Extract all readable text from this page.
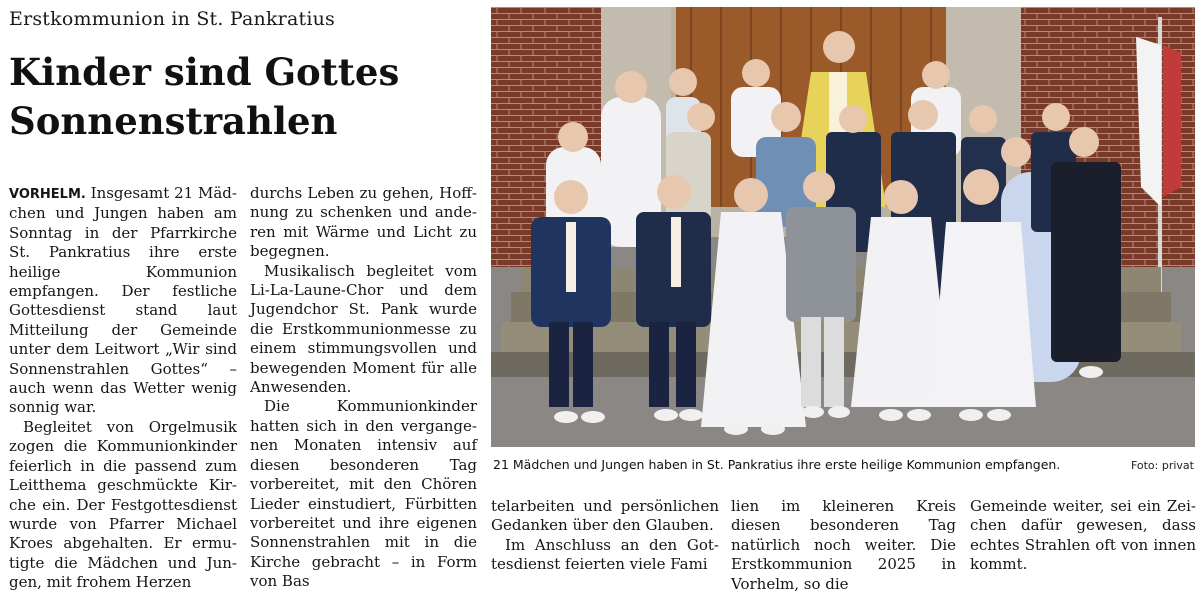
Erstkommunion in St. Pankratius
Kinder sind Gottes
Sonnenstrahlen

VORHELM. Insgesamt 21 Mädchen und Jungen haben am Sonntag in der Pfarrkirche St. Pankratius ihre erste heilige Kommunion empfangen. Der festliche Gottesdienst stand laut Mitteilung der Gemeinde unter dem Leitwort „Wir sind Sonnenstrahlen Gottes“ – auch wenn das Wetter wenig sonnig war.

Begleitet von Orgelmusik zogen die Kommunionkinder feierlich in die passend zum Leitthema geschmückte Kirche ein. Der Festgottesdienst wurde von Pfarrer Michael Kroes abgehalten. Er ermutigte die Mädchen und Jungen, mit frohem Herzen

durchs Leben zu gehen, Hoffnung zu schenken und anderen mit Wärme und Licht zu begegnen.

Musikalisch begleitet vom Li-La-Laune-Chor und dem Jugendchor St. Pank wurde die Erstkommunionmesse zu einem stimmungsvollen und bewegenden Moment für alle Anwesenden.

Die Kommunionkinder hatten sich in den vergangenen Monaten intensiv auf diesen besonderen Tag vorbereitet, mit den Chören Lieder einstudiert, Fürbitten vorbereitet und ihre eigenen Sonnenstrahlen mit in die Kirche gebracht – in Form von Bas

21 Mädchen und Jungen haben in St. Pankratius ihre erste heilige Kommunion empfangen.	Foto: privat

telarbeiten und persönlichen Gedanken über den Glauben.

Im Anschluss an den Gottesdienst feierten viele Fami

lien im kleineren Kreis diesen besonderen Tag natürlich noch weiter. Die Erstkommunion 2025 in Vorhelm, so die

Gemeinde weiter, sei ein Zeichen dafür gewesen, dass echtes Strahlen oft von innen kommt.
